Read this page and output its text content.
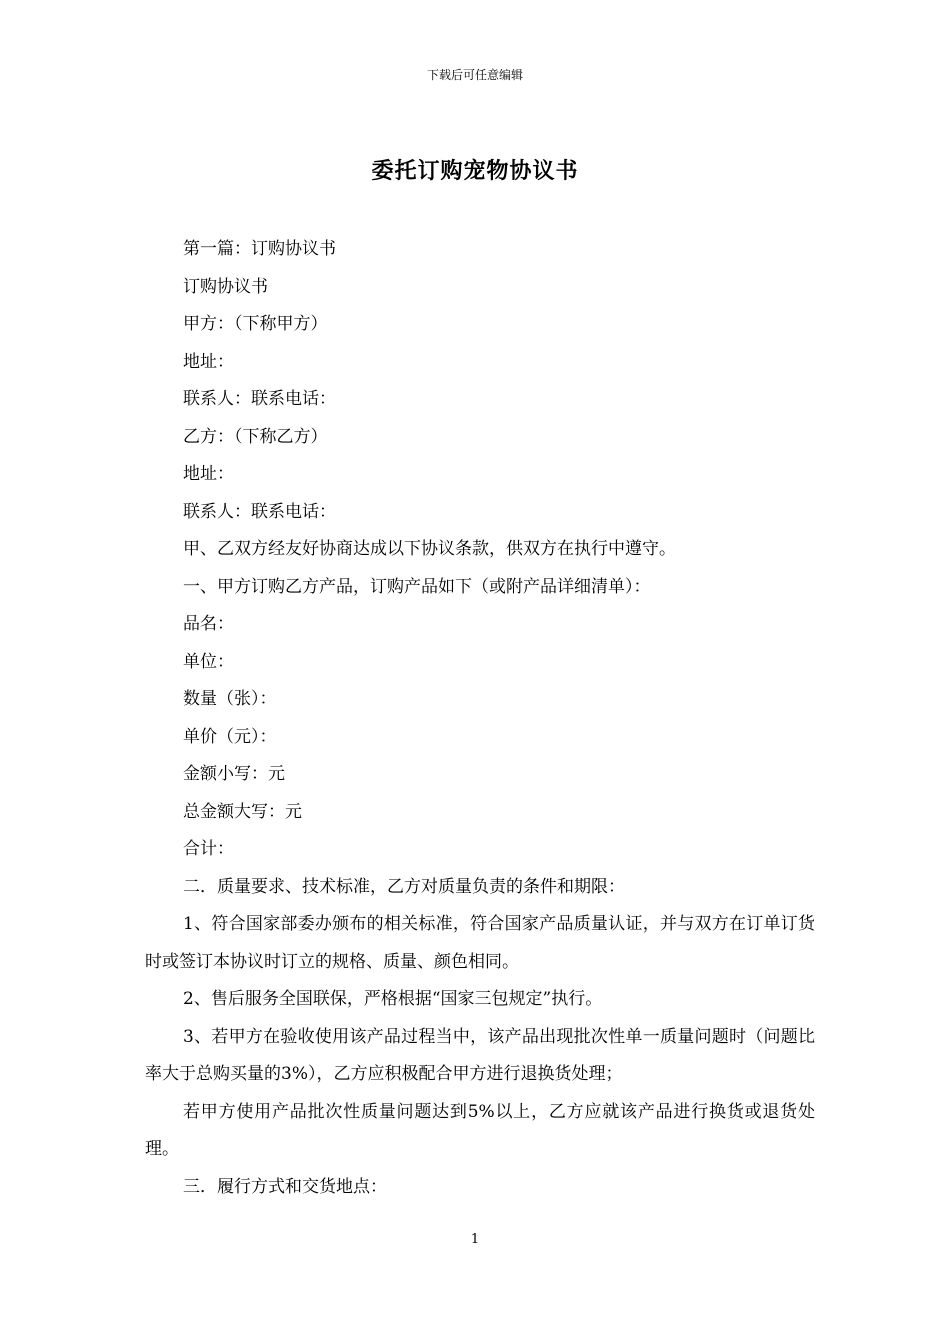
下载后可任意编辑
委托订购宠物协议书

第一篇：订购协议书

订购协议书

甲方：（下称甲方）

地址：

联系人：联系电话：

乙方：（下称乙方）

地址：

联系人：联系电话：

甲、乙双方经友好协商达成以下协议条款，供双方在执行中遵守。

一、甲方订购乙方产品，订购产品如下（或附产品详细清单）：

品名：

单位：

数量（张）：

单价（元）：

金额小写：元

总金额大写：元

合计：

二．质量要求、技术标准，乙方对质量负责的条件和期限：

1、符合国家部委办颁布的相关标准，符合国家产品质量认证，并与双方在订单订货时或签订本协议时订立的规格、质量、颜色相同。

2、售后服务全国联保，严格根据“国家三包规定”执行。

3、若甲方在验收使用该产品过程当中，该产品出现批次性单一质量问题时（问题比率大于总购买量的3%），乙方应积极配合甲方进行退换货处理；

若甲方使用产品批次性质量问题达到5%以上，乙方应就该产品进行换货或退货处理。

三．履行方式和交货地点：

1
